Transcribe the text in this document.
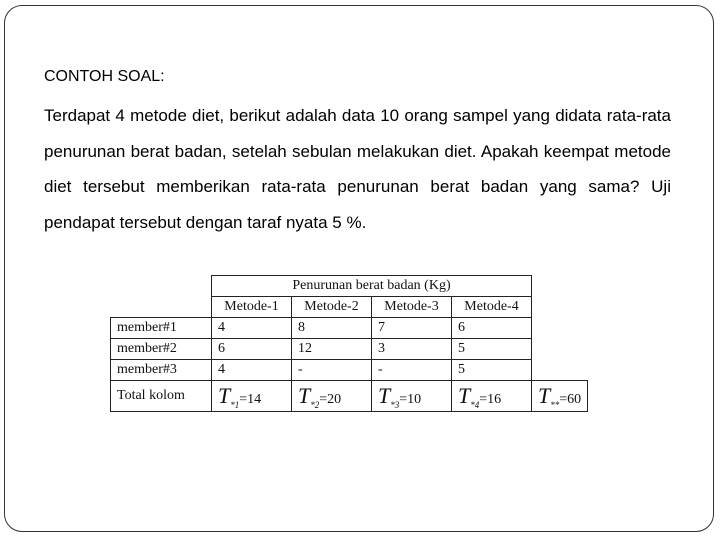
CONTOH SOAL:

Terdapat 4 metode diet, berikut adalah data 10 orang sampel yang didata rata-rata penurunan berat badan, setelah sebulan melakukan diet. Apakah keempat metode diet tersebut memberikan rata-rata penurunan berat badan yang sama? Uji pendapat tersebut dengan taraf nyata 5 %.

	Penurunan berat badan (Kg)				
	Metode-1	Metode-2	Metode-3	Metode-4	
member#1	4	8	7	6	
member#2	6	12	3	5	
member#3	4	-	-	5	
Total kolom	$T_{*1}=14$	$T_{*2}=20$	$T_{*3}=10$	$T_{*4}=16$	$T_{**}=60$
